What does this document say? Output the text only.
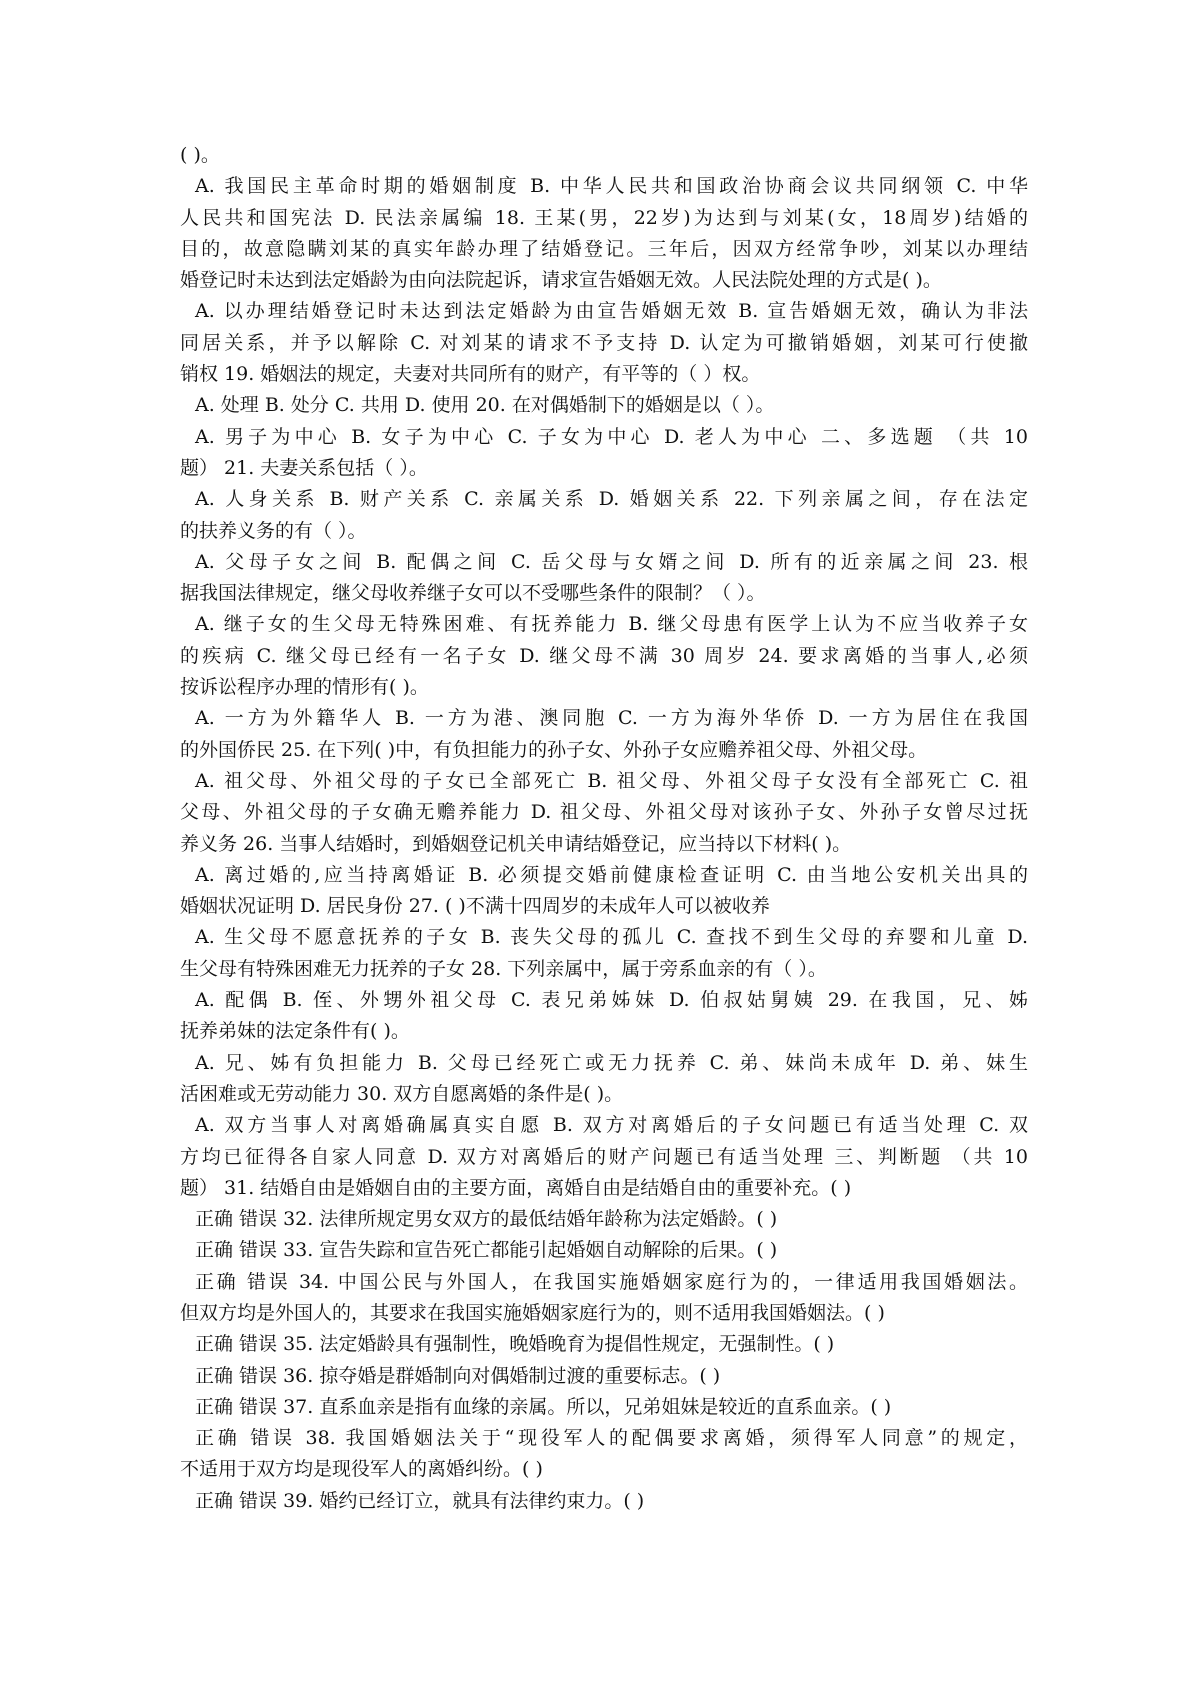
( )。
A. 我国民主革命时期的婚姻制度 B. 中华人民共和国政治协商会议共同纲领 C. 中华
人民共和国宪法 D. 民法亲属编 18. 王某(男，22岁)为达到与刘某(女，18周岁)结婚的
目的，故意隐瞒刘某的真实年龄办理了结婚登记。三年后，因双方经常争吵，刘某以办理结
婚登记时未达到法定婚龄为由向法院起诉，请求宣告婚姻无效。人民法院处理的方式是( )。
A. 以办理结婚登记时未达到法定婚龄为由宣告婚姻无效 B. 宣告婚姻无效，确认为非法
同居关系，并予以解除 C. 对刘某的请求不予支持 D. 认定为可撤销婚姻，刘某可行使撤
销权 19. 婚姻法的规定，夫妻对共同所有的财产，有平等的（ ）权。
A. 处理 B. 处分 C. 共用 D. 使用 20. 在对偶婚制下的婚姻是以（ ）。
A. 男子为中心 B. 女子为中心 C. 子女为中心 D. 老人为中心 二、多选题 （共 10
题） 21. 夫妻关系包括（ ）。
A. 人身关系 B. 财产关系 C. 亲属关系 D. 婚姻关系 22. 下列亲属之间，存在法定
的扶养义务的有（ ）。
A. 父母子女之间 B. 配偶之间 C. 岳父母与女婿之间 D. 所有的近亲属之间 23. 根
据我国法律规定，继父母收养继子女可以不受哪些条件的限制？（ ）。
A. 继子女的生父母无特殊困难、有抚养能力 B. 继父母患有医学上认为不应当收养子女
的疾病 C. 继父母已经有一名子女 D. 继父母不满 30 周岁 24. 要求离婚的当事人,必须
按诉讼程序办理的情形有( )。
A. 一方为外籍华人 B. 一方为港、澳同胞 C. 一方为海外华侨 D. 一方为居住在我国
的外国侨民 25. 在下列( )中，有负担能力的孙子女、外孙子女应赡养祖父母、外祖父母。
A. 祖父母、外祖父母的子女已全部死亡 B. 祖父母、外祖父母子女没有全部死亡 C. 祖
父母、外祖父母的子女确无赡养能力 D. 祖父母、外祖父母对该孙子女、外孙子女曾尽过抚
养义务 26. 当事人结婚时，到婚姻登记机关申请结婚登记，应当持以下材料( )。
A. 离过婚的,应当持离婚证 B. 必须提交婚前健康检查证明 C. 由当地公安机关出具的
婚姻状况证明 D. 居民身份 27. ( )不满十四周岁的未成年人可以被收养
A. 生父母不愿意抚养的子女 B. 丧失父母的孤儿 C. 查找不到生父母的弃婴和儿童 D.
生父母有特殊困难无力抚养的子女 28. 下列亲属中，属于旁系血亲的有（ ）。
A. 配偶 B. 侄、外甥外祖父母 C. 表兄弟姊妹 D. 伯叔姑舅姨 29. 在我国，兄、姊
抚养弟妹的法定条件有( )。
A. 兄、姊有负担能力 B. 父母已经死亡或无力抚养 C. 弟、妹尚未成年 D. 弟、妹生
活困难或无劳动能力 30. 双方自愿离婚的条件是( )。
A. 双方当事人对离婚确属真实自愿 B. 双方对离婚后的子女问题已有适当处理 C. 双
方均已征得各自家人同意 D. 双方对离婚后的财产问题已有适当处理 三、判断题 （共 10
题） 31. 结婚自由是婚姻自由的主要方面，离婚自由是结婚自由的重要补充。( )
正确 错误 32. 法律所规定男女双方的最低结婚年龄称为法定婚龄。( )
正确 错误 33. 宣告失踪和宣告死亡都能引起婚姻自动解除的后果。( )
正确 错误 34. 中国公民与外国人，在我国实施婚姻家庭行为的，一律适用我国婚姻法。
但双方均是外国人的，其要求在我国实施婚姻家庭行为的，则不适用我国婚姻法。( )
正确 错误 35. 法定婚龄具有强制性，晚婚晚育为提倡性规定，无强制性。( )
正确 错误 36. 掠夺婚是群婚制向对偶婚制过渡的重要标志。( )
正确 错误 37. 直系血亲是指有血缘的亲属。所以，兄弟姐妹是较近的直系血亲。( )
正确 错误 38. 我国婚姻法关于“现役军人的配偶要求离婚，须得军人同意”的规定，
不适用于双方均是现役军人的离婚纠纷。( )
正确 错误 39. 婚约已经订立，就具有法律约束力。( )
